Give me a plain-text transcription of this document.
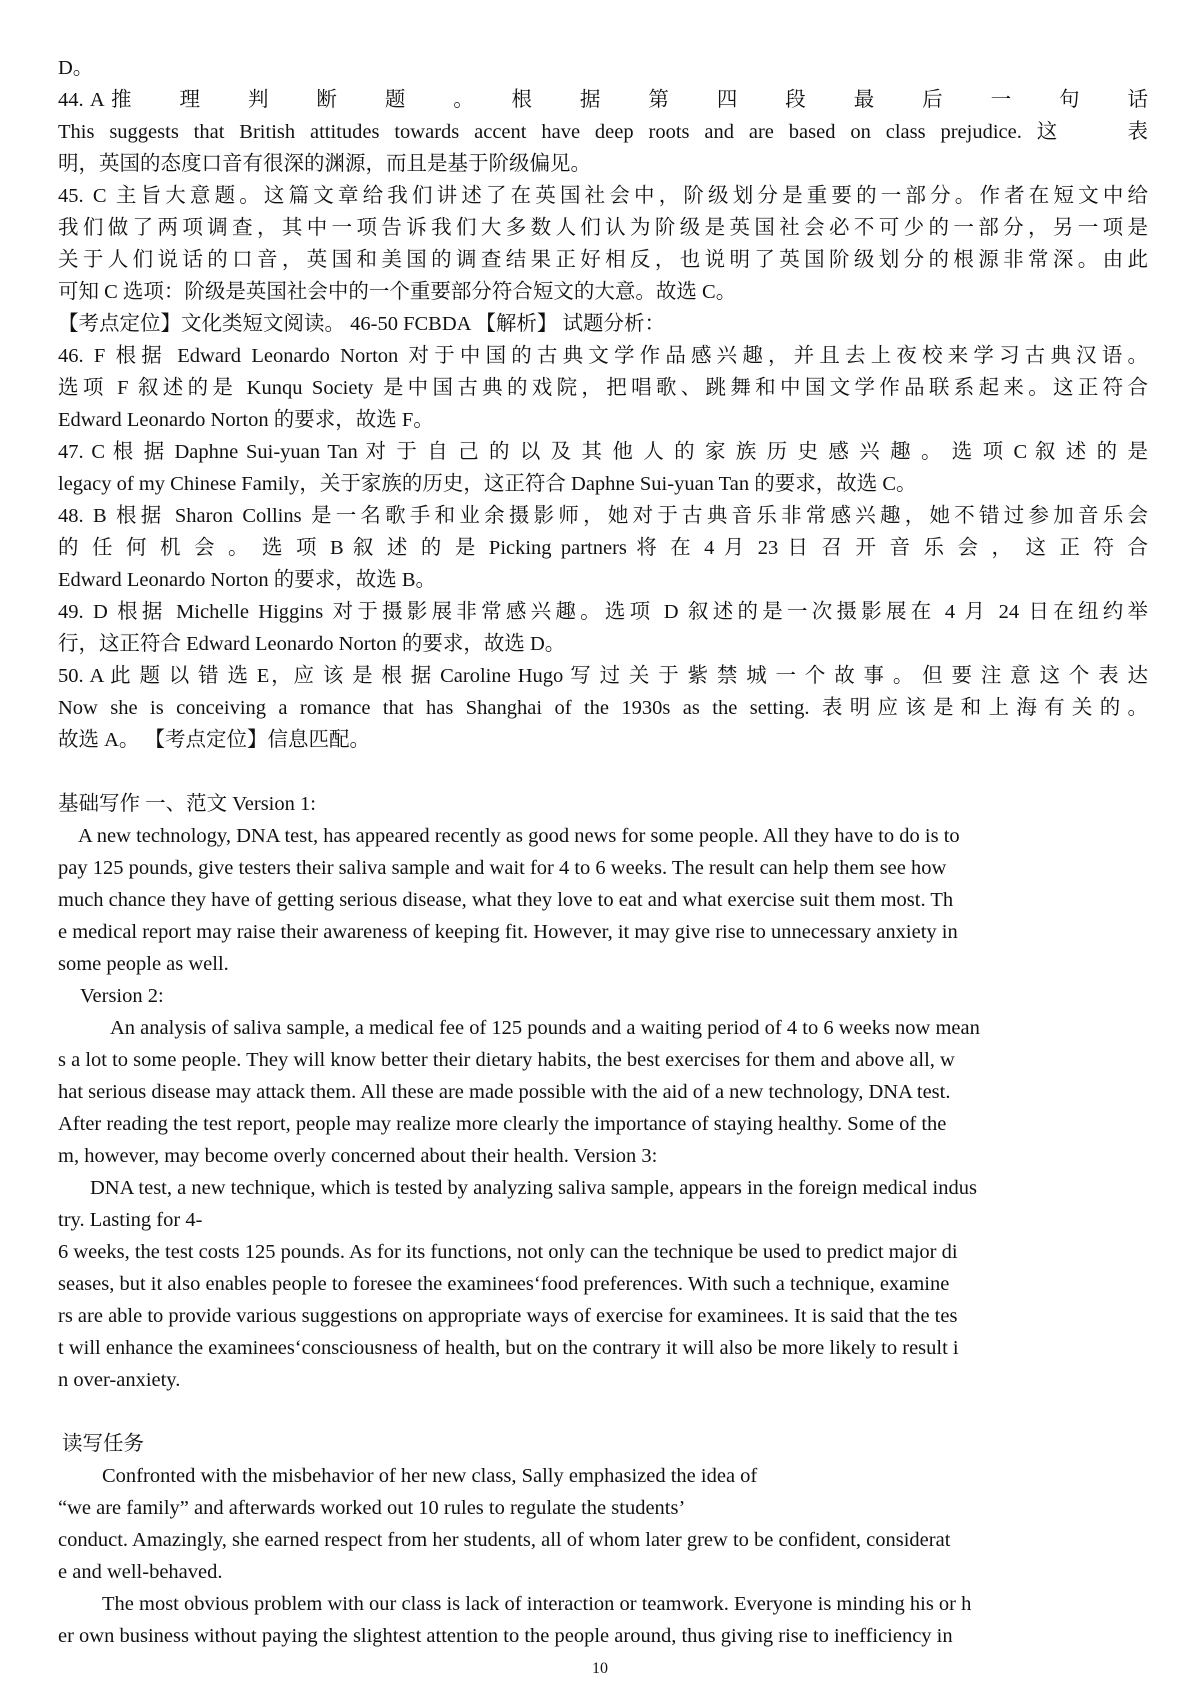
D。
44. A 推　　理　　判　　断　　题　　。　　根　　据　　第　　四　　段　　最　　后　　一　　句　　话
This suggests that British attitudes towards accent have deep roots and are based on class prejudice. 这　　表
明，英国的态度口音有很深的渊源，而且是基于阶级偏见。
45. C 主旨大意题。这篇文章给我们讲述了在英国社会中，阶级划分是重要的一部分。作者在短文中给
我们做了两项调查，其中一项告诉我们大多数人们认为阶级是英国社会必不可少的一部分，另一项是
关于人们说话的口音，英国和美国的调查结果正好相反，也说明了英国阶级划分的根源非常深。由此
可知 C 选项：阶级是英国社会中的一个重要部分符合短文的大意。故选 C。
【考点定位】文化类短文阅读。 46-50 FCBDA 【解析】 试题分析：
46. F 根据 Edward Leonardo Norton 对于中国的古典文学作品感兴趣，并且去上夜校来学习古典汉语。
选项 F 叙述的是 Kunqu Society 是中国古典的戏院，把唱歌、跳舞和中国文学作品联系起来。这正符合
Edward Leonardo Norton 的要求，故选 F。
47. C 根 据 Daphne Sui-yuan Tan 对 于 自 己 的 以 及 其 他 人 的 家 族 历 史 感 兴 趣 。 选 项 C 叙 述 的 是
legacy of my Chinese Family，关于家族的历史，这正符合 Daphne Sui-yuan Tan 的要求，故选 C。
48. B 根据 Sharon Collins 是一名歌手和业余摄影师，她对于古典音乐非常感兴趣，她不错过参加音乐会
的 任 何 机 会 。 选 项 B 叙 述 的 是 Picking partners 将 在 4 月 23 日 召 开 音 乐 会 ， 这 正 符 合
Edward Leonardo Norton 的要求，故选 B。
49. D 根据 Michelle Higgins 对于摄影展非常感兴趣。选项 D 叙述的是一次摄影展在 4 月 24 日在纽约举
行，这正符合 Edward Leonardo Norton 的要求，故选 D。
50. A 此 题 以 错 选 E，应 该 是 根 据 Caroline Hugo 写 过 关 于 紫 禁 城 一 个 故 事 。 但 要 注 意 这 个 表 达
Now she is conceiving a romance that has Shanghai of the 1930s as the setting. 表明应该是和上海有关的。
故选 A。 【考点定位】信息匹配。
基础写作 一、范文 Version 1:
A new technology, DNA test, has appeared recently as good news for some people. All they have to do is to
pay 125 pounds, give testers their saliva sample and wait for 4 to 6 weeks. The result can help them see how
much chance they have of getting serious disease, what they love to eat and what exercise suit them most. Th
e medical report may raise their awareness of keeping fit. However, it may give rise to unnecessary anxiety in
some people as well.
Version 2:
An analysis of saliva sample, a medical fee of 125 pounds and a waiting period of 4 to 6 weeks now mean
s a lot to some people. They will know better their dietary habits, the best exercises for them and above all, w
hat serious disease may attack them. All these are made possible with the aid of a new technology, DNA test.
After reading the test report, people may realize more clearly the importance of staying healthy. Some of the
m, however, may become overly concerned about their health. Version 3:
DNA test, a new technique, which is tested by analyzing saliva sample, appears in the foreign medical indus
try. Lasting for 4-
6 weeks, the test costs 125 pounds. As for its functions, not only can the technique be used to predict major di
seases, but it also enables people to foresee the examinees‘food preferences. With such a technique, examine
rs are able to provide various suggestions on appropriate ways of exercise for examinees. It is said that the tes
t will enhance the examinees‘consciousness of health, but on the contrary it will also be more likely to result i
n over-anxiety.
读写任务
Confronted with the misbehavior of her new class, Sally emphasized the idea of
“we are family” and afterwards worked out 10 rules to regulate the students’
conduct. Amazingly, she earned respect from her students, all of whom later grew to be confident, considerat
e and well-behaved.
The most obvious problem with our class is lack of interaction or teamwork. Everyone is minding his or h
er own business without paying the slightest attention to the people around, thus giving rise to inefficiency in
10
